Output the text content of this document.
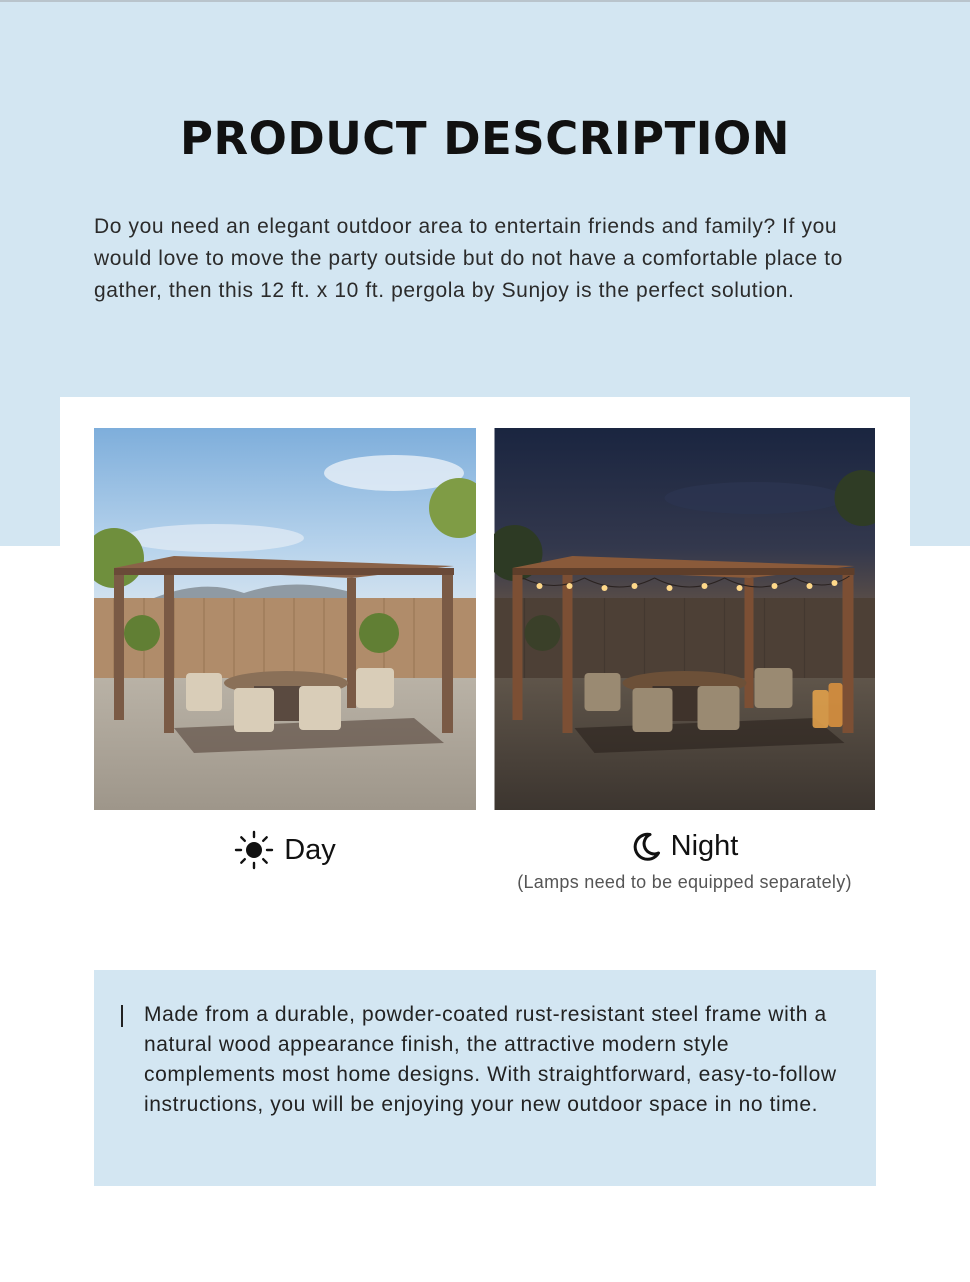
PRODUCT DESCRIPTION

Do you need an elegant outdoor area to entertain friends and family? If you would love to move the party outside but do not have a comfortable place to gather, then this 12 ft. x 10 ft. pergola by Sunjoy is the perfect solution.

Day	Night
(Lamps need to be equipped separately)

Made from a durable, powder-coated rust-resistant steel frame with a natural wood appearance finish, the attractive modern style complements most home designs. With straightforward, easy-to-follow instructions, you will be enjoying your new outdoor space in no time.
